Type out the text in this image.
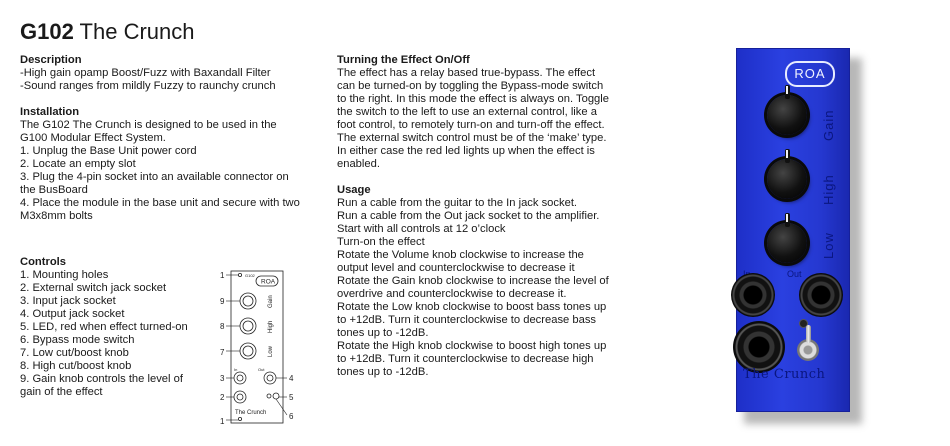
G102 The Crunch
Description

-High gain opamp Boost/Fuzz with Baxandall Filter

-Sound ranges from mildly Fuzzy to raunchy crunch

Installation

The G102 The Crunch is designed to be used in the G100 Modular Effect System.

1. Unplug the Base Unit power cord

2. Locate an empty slot

3. Plug the 4-pin socket into an available connector on the BusBoard

4. Place the module in the base unit and secure with two M3x8mm bolts

Controls

1. Mounting holes

2. External switch jack socket

3. Input jack socket

4. Output jack socket

5. LED, red when effect turned-on

6. Bypass mode switch

7. Low cut/boost knob

8. High cut/boost knob

9. Gain knob controls the level of gain of the effect

Turning the Effect On/Off

The effect has a relay based true-bypass. The effect can be turned-on by toggling the Bypass-mode switch to the right. In this mode the effect is always on. Toggle the switch to the left to use an external control, like a foot control, to remotely turn-on and turn-off the effect. The external switch control must be of the ‘make’ type. In either case the red led lights up when the effect is enabled.

Usage

Run a cable from the guitar to the In jack socket.

Run a cable from the Out jack socket to the amplifier.

Start with all controls at 12 o’clock

Turn-on the effect

Rotate the Volume knob clockwise to increase the output level and counterclockwise to decrease it

Rotate the Gain knob clockwise to increase the level of overdrive and counterclockwise to decrease it.

Rotate the Low knob clockwise to boost bass tones up to +12dB. Turn it counterclockwise to decrease bass tones up to -12dB.

Rotate the High knob clockwise to boost high tones up to +12dB. Turn it counterclockwise to decrease high tones up to -12dB.

G102
ROA
Gain
High
Low
In	Out
The Crunch
1
9
8
7
3	4
2	5
1
6
ROA
Gain
High
Low
Out
The Crunch
